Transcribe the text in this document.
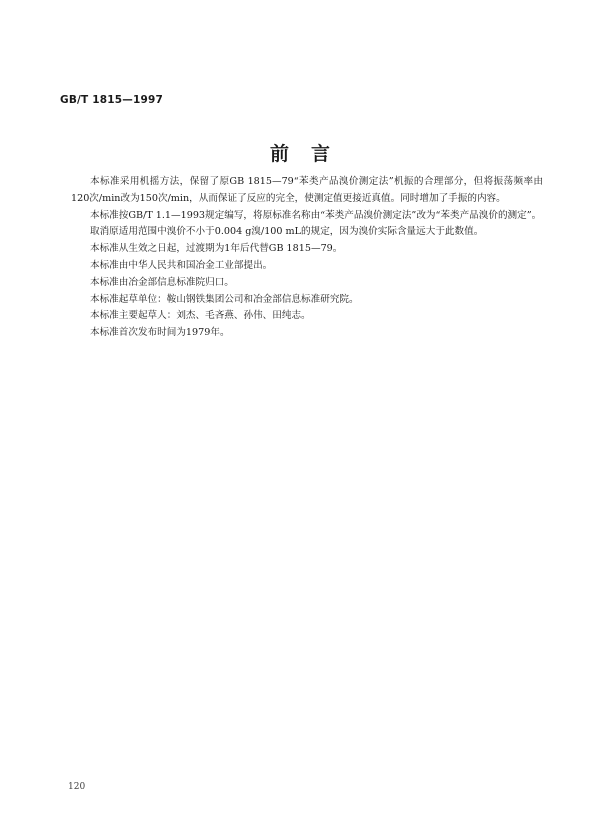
GB/T 1815—1997
前言

本标准采用机摇方法，保留了原GB 1815—79“苯类产品溴价测定法”机振的合理部分，但将振荡频率由120次/min改为150次/min，从而保证了反应的完全，使测定值更接近真值。同时增加了手振的内容。

本标准按GB/T 1.1—1993规定编写，将原标准名称由“苯类产品溴价测定法”改为“苯类产品溴价的测定”。

取消原适用范围中溴价不小于0.004 g溴/100 mL的规定，因为溴价实际含量远大于此数值。

本标准从生效之日起，过渡期为1年后代替GB 1815—79。

本标准由中华人民共和国冶金工业部提出。

本标准由冶金部信息标准院归口。

本标准起草单位：鞍山钢铁集团公司和冶金部信息标准研究院。

本标准主要起草人：刘杰、毛吝燕、孙伟、田纯志。

本标准首次发布时间为1979年。

120
